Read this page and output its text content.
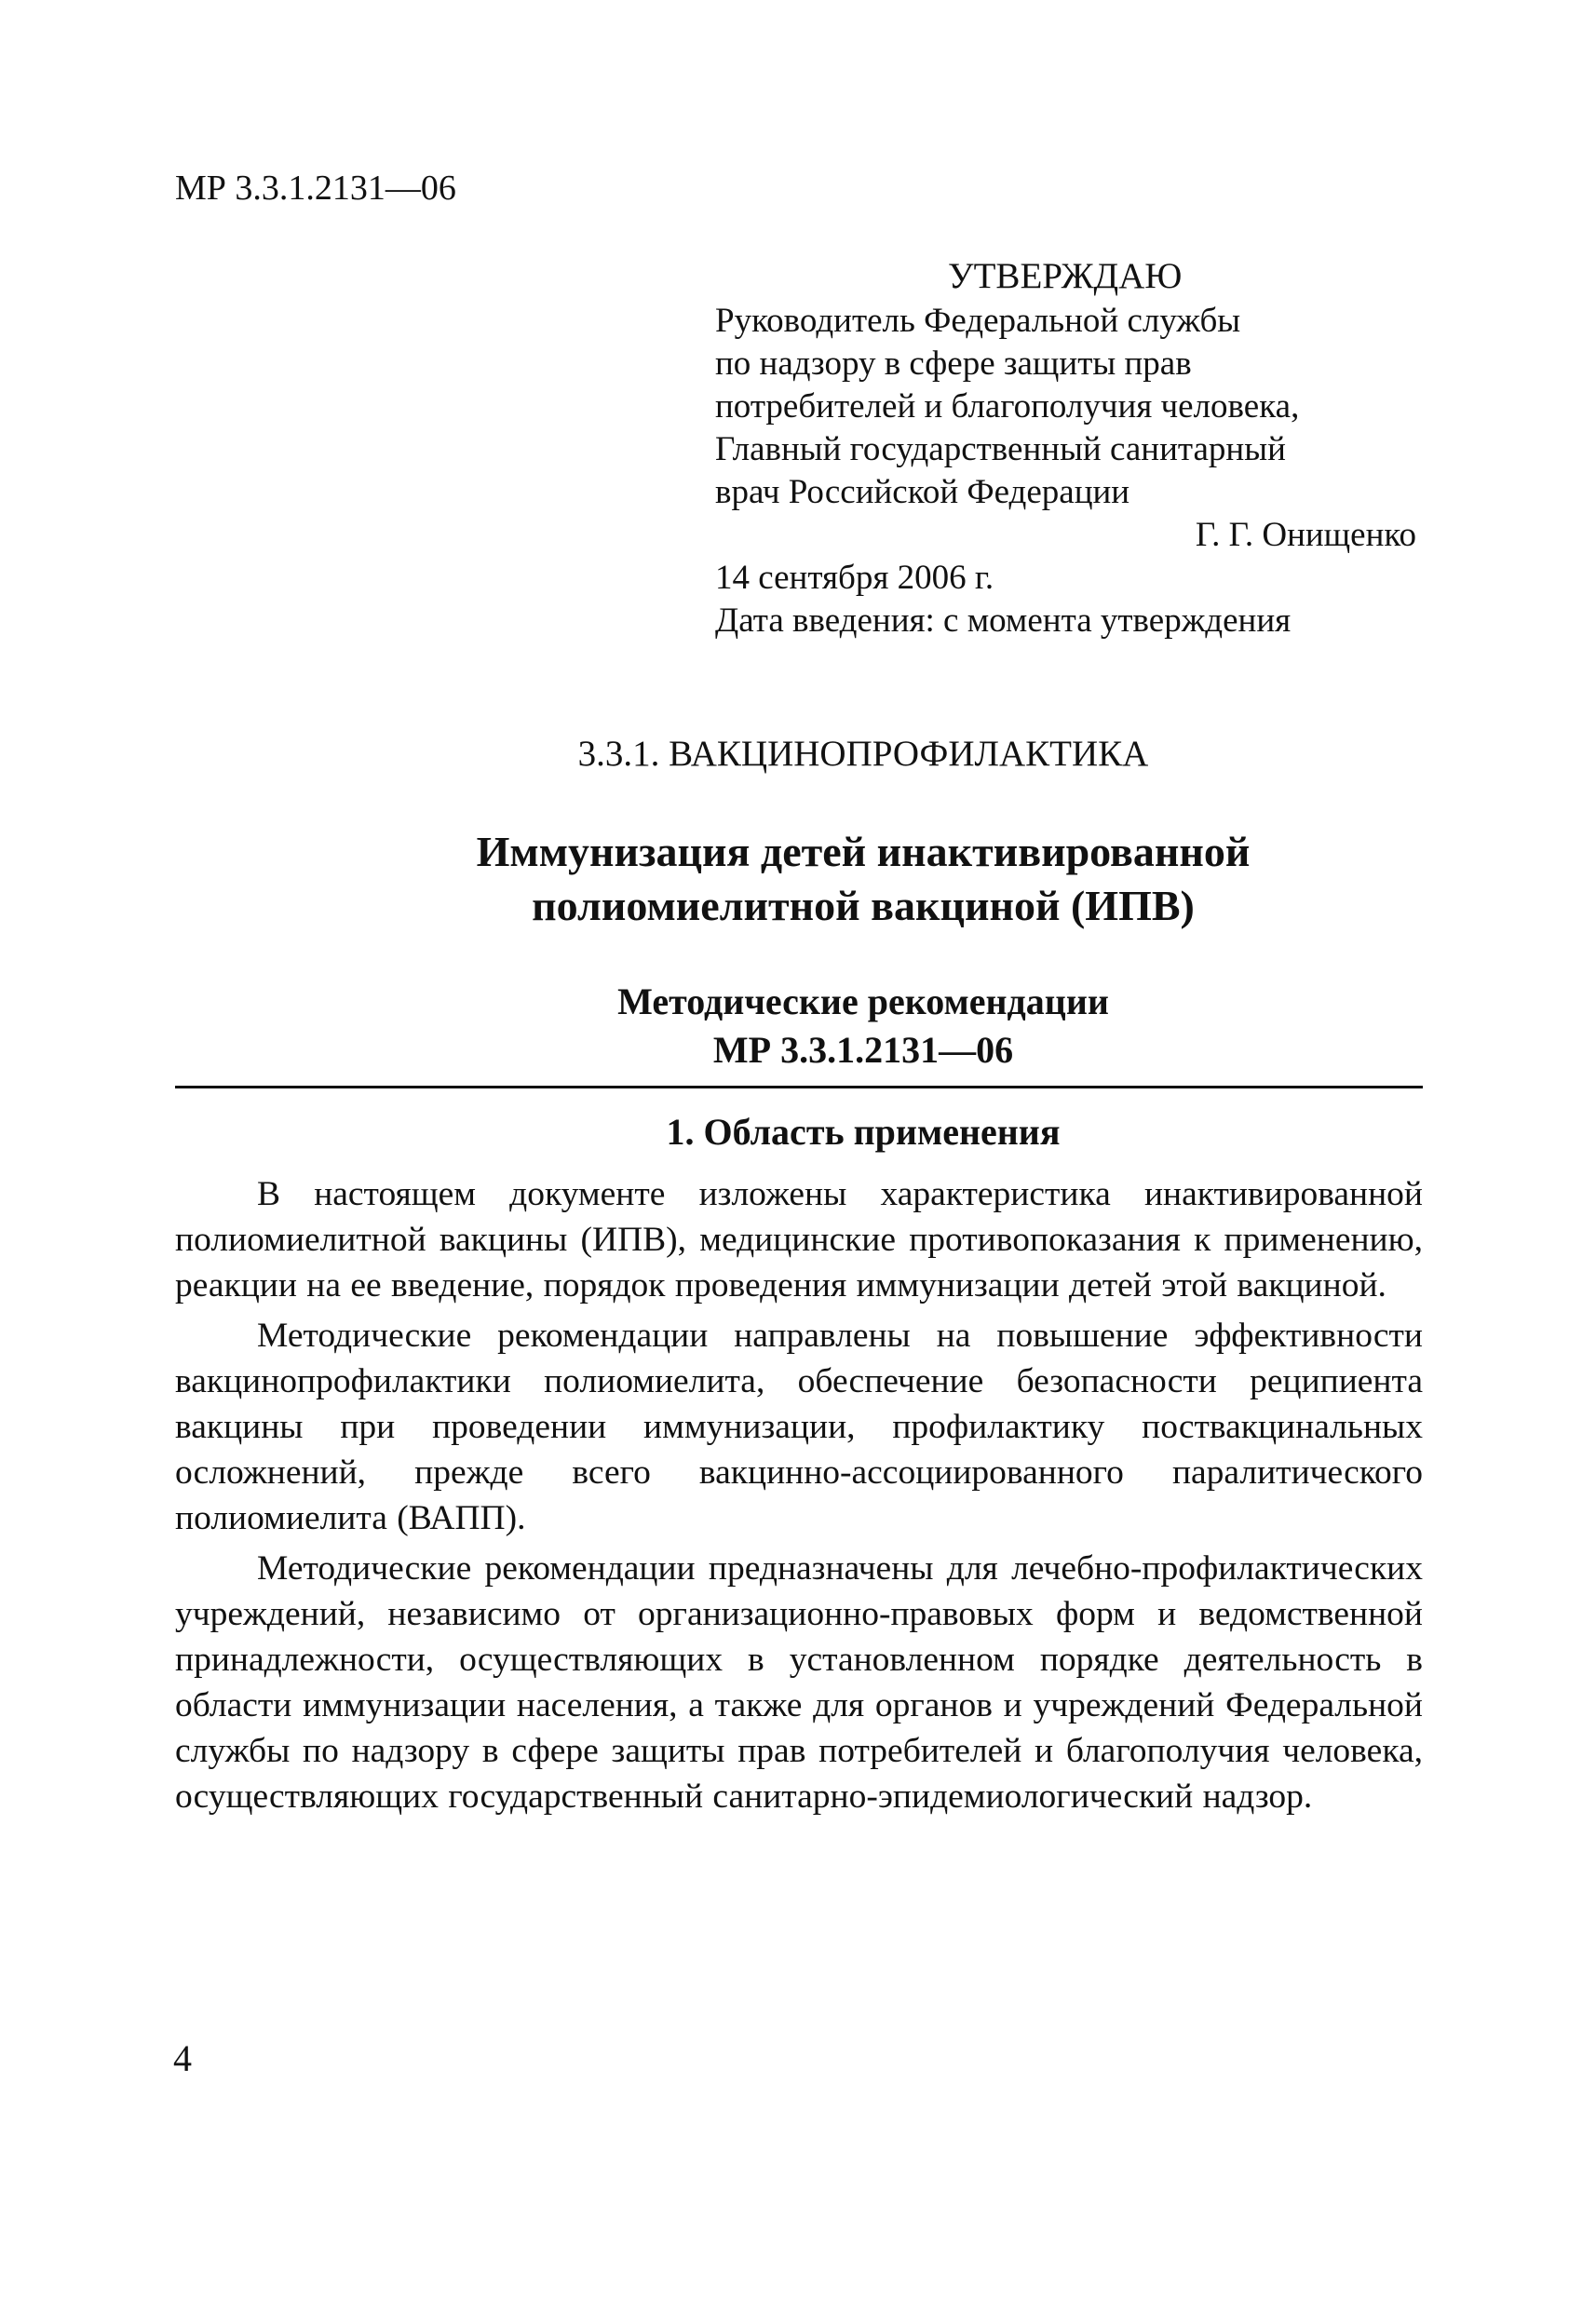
МР 3.3.1.2131—06
УТВЕРЖДАЮ
Руководитель Федеральной службы
по надзору в сфере защиты прав
потребителей и благополучия человека,
Главный государственный санитарный
врач Российской Федерации
Г. Г. Онищенко
14 сентября 2006 г.
Дата введения: с момента утверждения
3.3.1. ВАКЦИНОПРОФИЛАКТИКА
Иммунизация детей инактивированной
полиомиелитной вакциной (ИПВ)
Методические рекомендации
МР 3.3.1.2131—06
1. Область применения

В настоящем документе изложены характеристика инактивированной полиомиелитной вакцины (ИПВ), медицинские противопоказания к применению, реакции на ее введение, порядок проведения иммунизации детей этой вакциной.

Методические рекомендации направлены на повышение эффективности вакцинопрофилактики полиомиелита, обеспечение безопасности реципиента вакцины при проведении иммунизации, профилактику поствакцинальных осложнений, прежде всего вакцинно-ассоциированного паралитического полиомиелита (ВАПП).

Методические рекомендации предназначены для лечебно-профилактических учреждений, независимо от организационно-правовых форм и ведомственной принадлежности, осуществляющих в установленном порядке деятельность в области иммунизации населения, а также для органов и учреждений Федеральной службы по надзору в сфере защиты прав потребителей и благополучия человека, осуществляющих государственный санитарно-эпидемиологический надзор.

4
